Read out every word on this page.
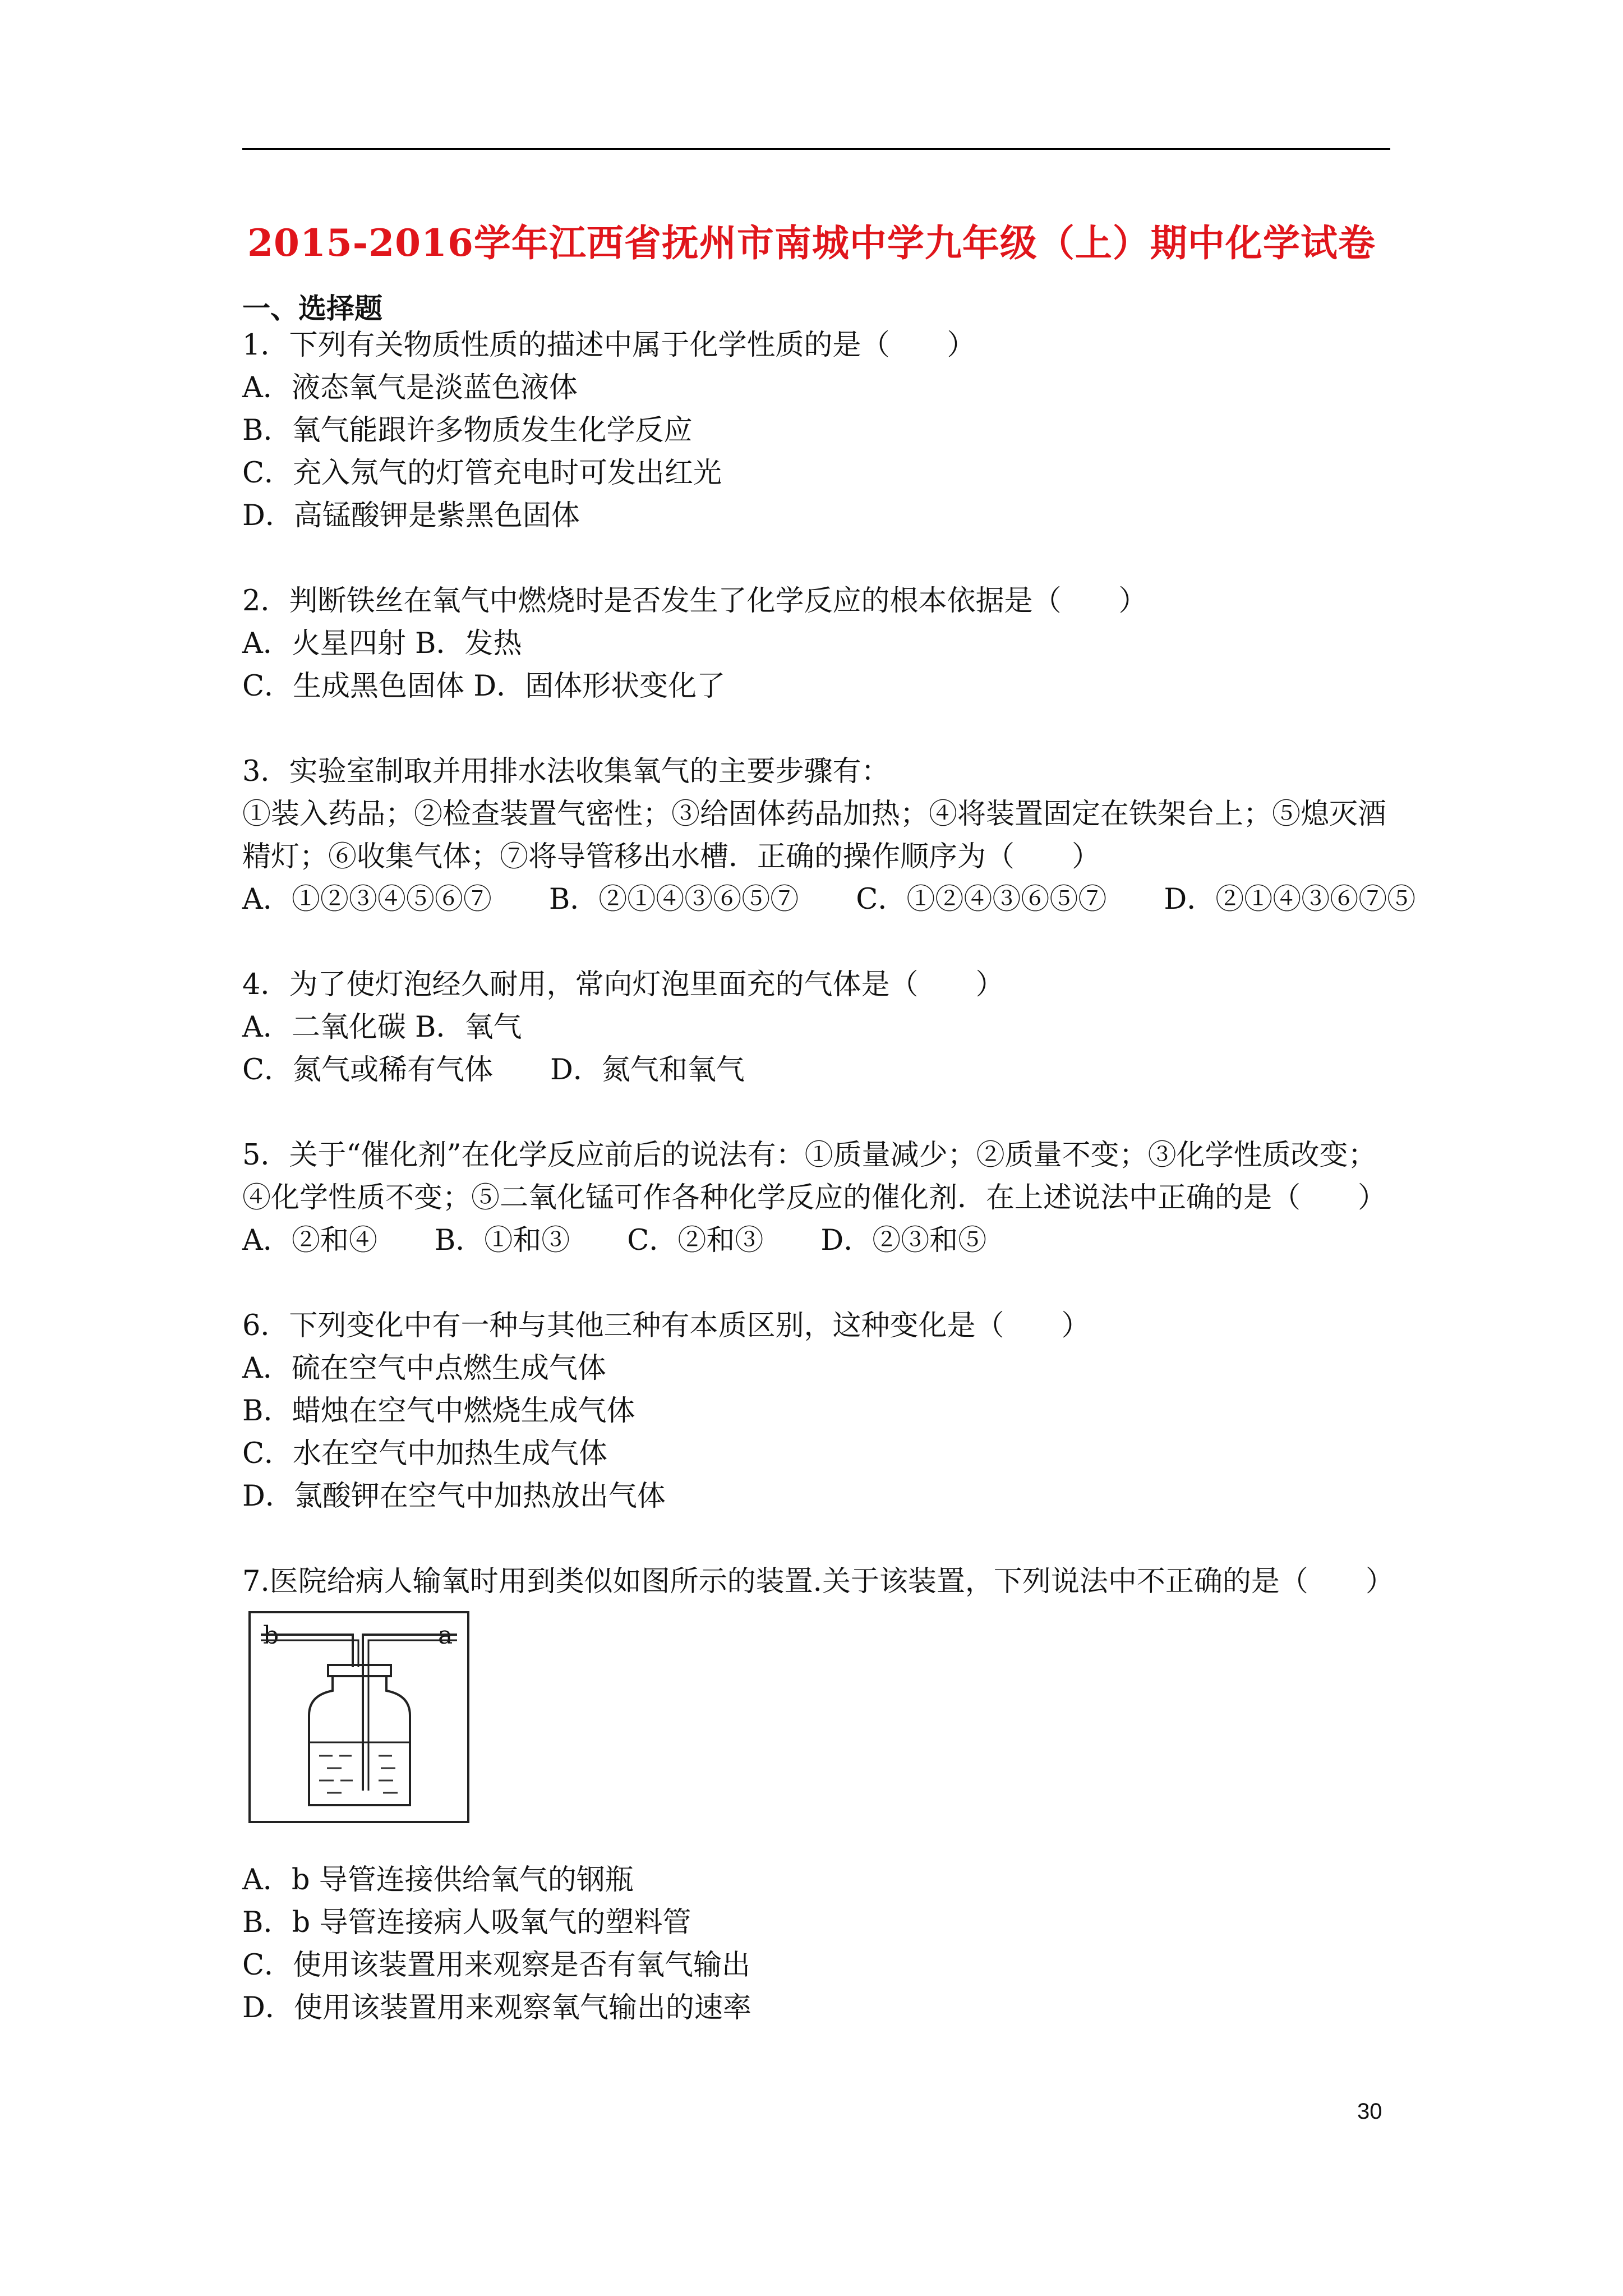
2015-2016学年江西省抚州市南城中学九年级（上）期中化学试卷
一、选择题
1．下列有关物质性质的描述中属于化学性质的是（　　）
A．液态氧气是淡蓝色液体
B．氧气能跟许多物质发生化学反应
C．充入氖气的灯管充电时可发出红光
D．高锰酸钾是紫黑色固体
2．判断铁丝在氧气中燃烧时是否发生了化学反应的根本依据是（　　）
A．火星四射 B．发热
C．生成黑色固体 D．固体形状变化了
3．实验室制取并用排水法收集氧气的主要步骤有：
①装入药品；②检查装置气密性；③给固体药品加热；④将装置固定在铁架台上；⑤熄灭酒
精灯；⑥收集气体；⑦将导管移出水槽．正确的操作顺序为（　　）
A．①②③④⑤⑥⑦　　B．②①④③⑥⑤⑦　　C．①②④③⑥⑤⑦　　D．②①④③⑥⑦⑤
4．为了使灯泡经久耐用，常向灯泡里面充的气体是（　　）
A．二氧化碳 B．氧气
C．氮气或稀有气体　　D．氮气和氧气
5．关于“催化剂”在化学反应前后的说法有：①质量减少；②质量不变；③化学性质改变；
④化学性质不变；⑤二氧化锰可作各种化学反应的催化剂．在上述说法中正确的是（　　）
A．②和④　　B．①和③　　C．②和③　　D．②③和⑤
6．下列变化中有一种与其他三种有本质区别，这种变化是（　　）
A．硫在空气中点燃生成气体
B．蜡烛在空气中燃烧生成气体
C．水在空气中加热生成气体
D．氯酸钾在空气中加热放出气体
7.医院给病人输氧时用到类似如图所示的装置.关于该装置，下列说法中不正确的是（　　）
b	a
A．b 导管连接供给氧气的钢瓶
B．b 导管连接病人吸氧气的塑料管
C．使用该装置用来观察是否有氧气输出
D．使用该装置用来观察氧气输出的速率
30
